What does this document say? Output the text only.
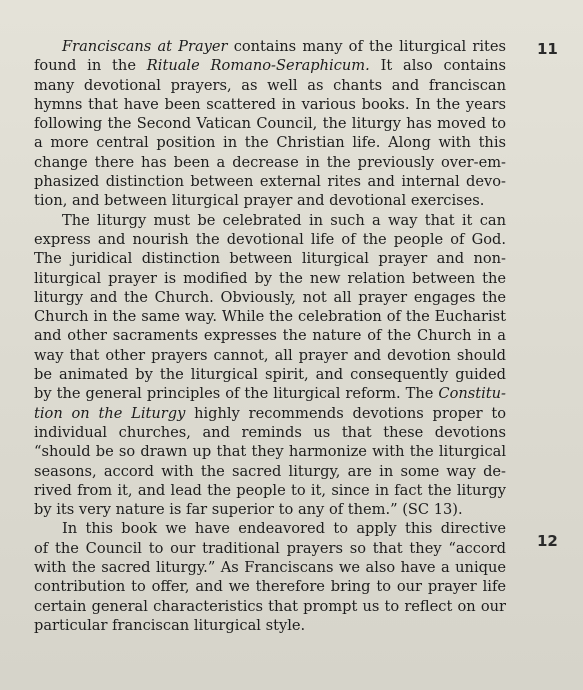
Franciscans at Prayer contains many of the liturgical rites
found in the Rituale Romano-Seraphicum. It also contains
many devotional prayers, as well as chants and franciscan
hymns that have been scattered in various books. In the years
following the Second Vatican Council, the liturgy has moved to
a more central position in the Christian life. Along with this
change there has been a decrease in the previously over-em-
phasized distinction between external rites and internal devo-
tion, and between liturgical prayer and devotional exercises.
The liturgy must be celebrated in such a way that it can
express and nourish the devotional life of the people of God.
The juridical distinction between liturgical prayer and non-
liturgical prayer is modified by the new relation between the
liturgy and the Church. Obviously, not all prayer engages the
Church in the same way. While the celebration of the Eucharist
and other sacraments expresses the nature of the Church in a
way that other prayers cannot, all prayer and devotion should
be animated by the liturgical spirit, and consequently guided
by the general principles of the liturgical reform. The Constitu-
tion on the Liturgy highly recommends devotions proper to
individual churches, and reminds us that these devotions
“should be so drawn up that they harmonize with the liturgical
seasons, accord with the sacred liturgy, are in some way de-
rived from it, and lead the people to it, since in fact the liturgy
by its very nature is far superior to any of them.” (SC 13).
In this book we have endeavored to apply this directive
of the Council to our traditional prayers so that they “accord
with the sacred liturgy.” As Franciscans we also have a unique
contribution to offer, and we therefore bring to our prayer life
certain general characteristics that prompt us to reflect on our
particular franciscan liturgical style.
11
12
